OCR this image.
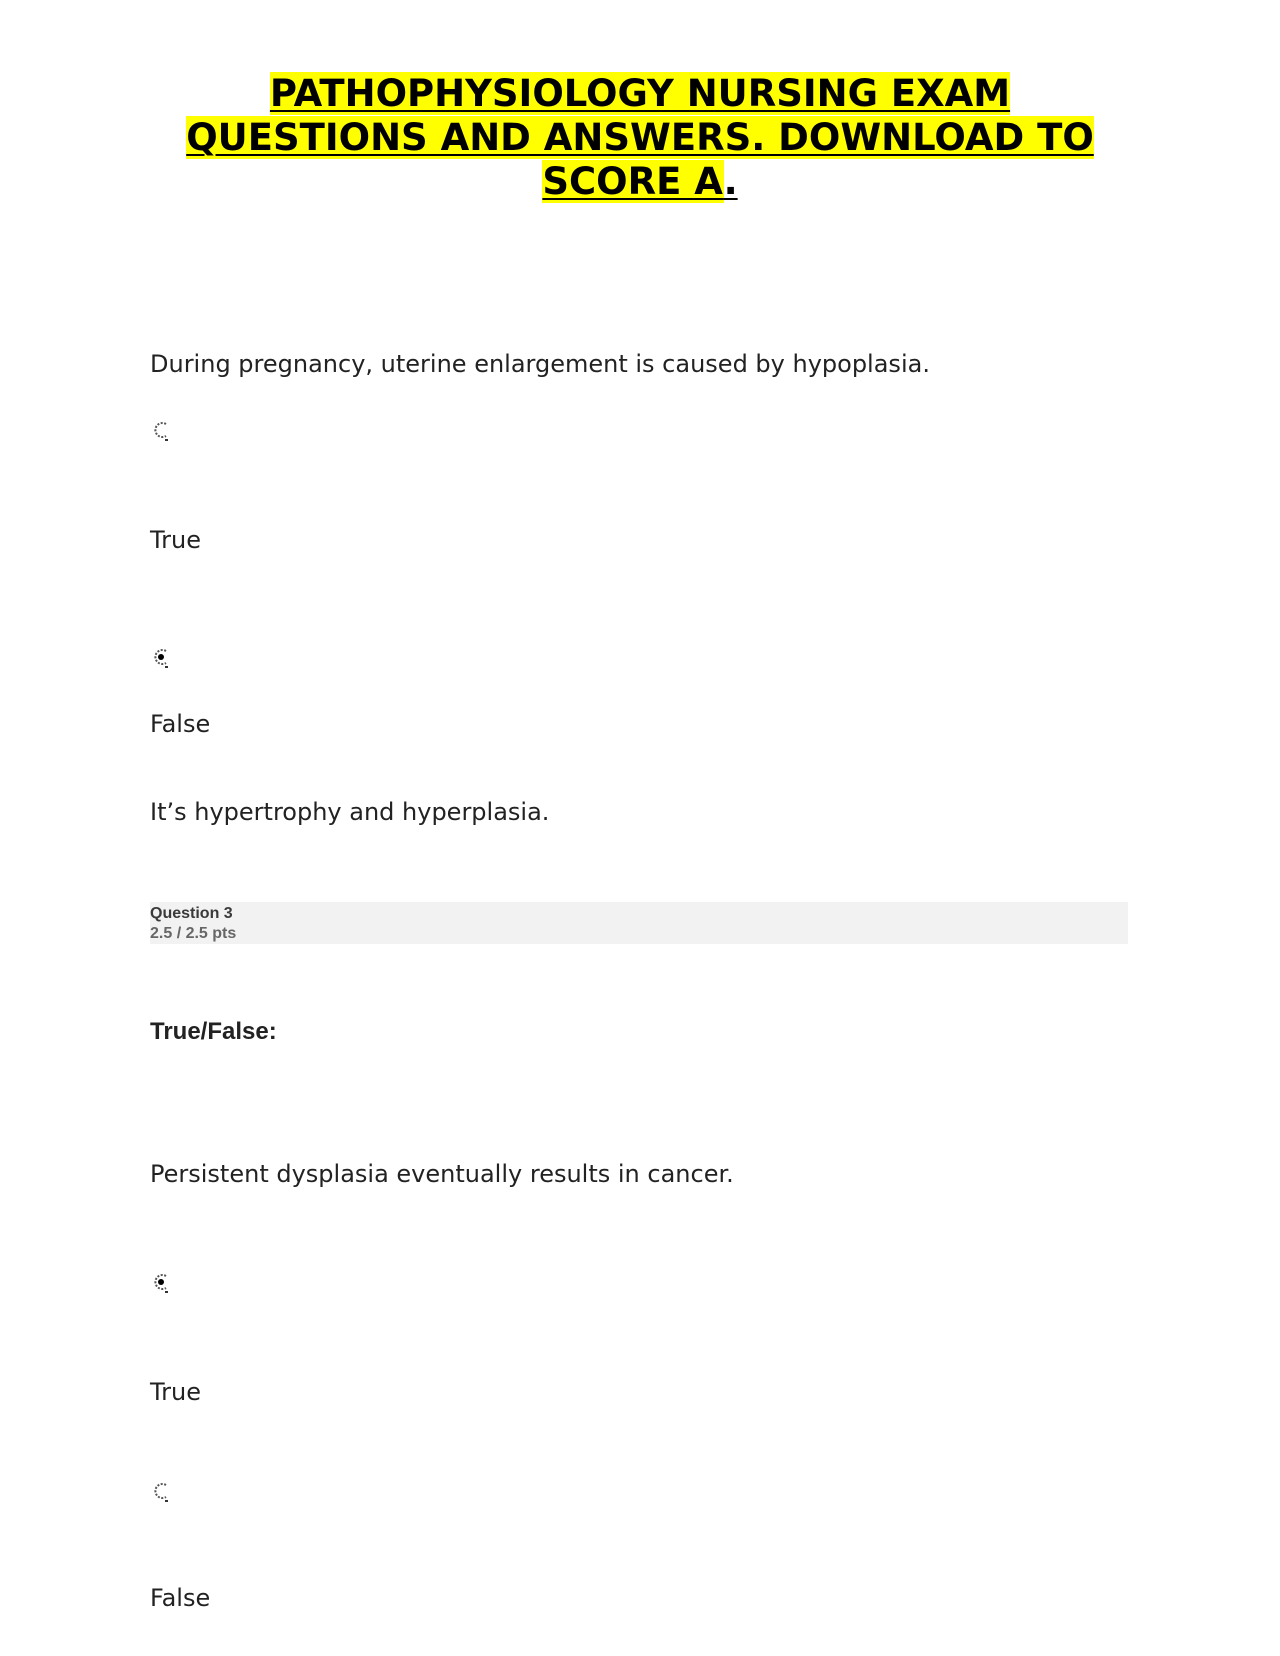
PATHOPHYSIOLOGY NURSING EXAM QUESTIONS AND ANSWERS. DOWNLOAD TO SCORE A.
During pregnancy, uterine enlargement is caused by hypoplasia.
True
False
It’s hypertrophy and hyperplasia.
Question 3
2.5 / 2.5 pts
True/False:
Persistent dysplasia eventually results in cancer.
True
False
